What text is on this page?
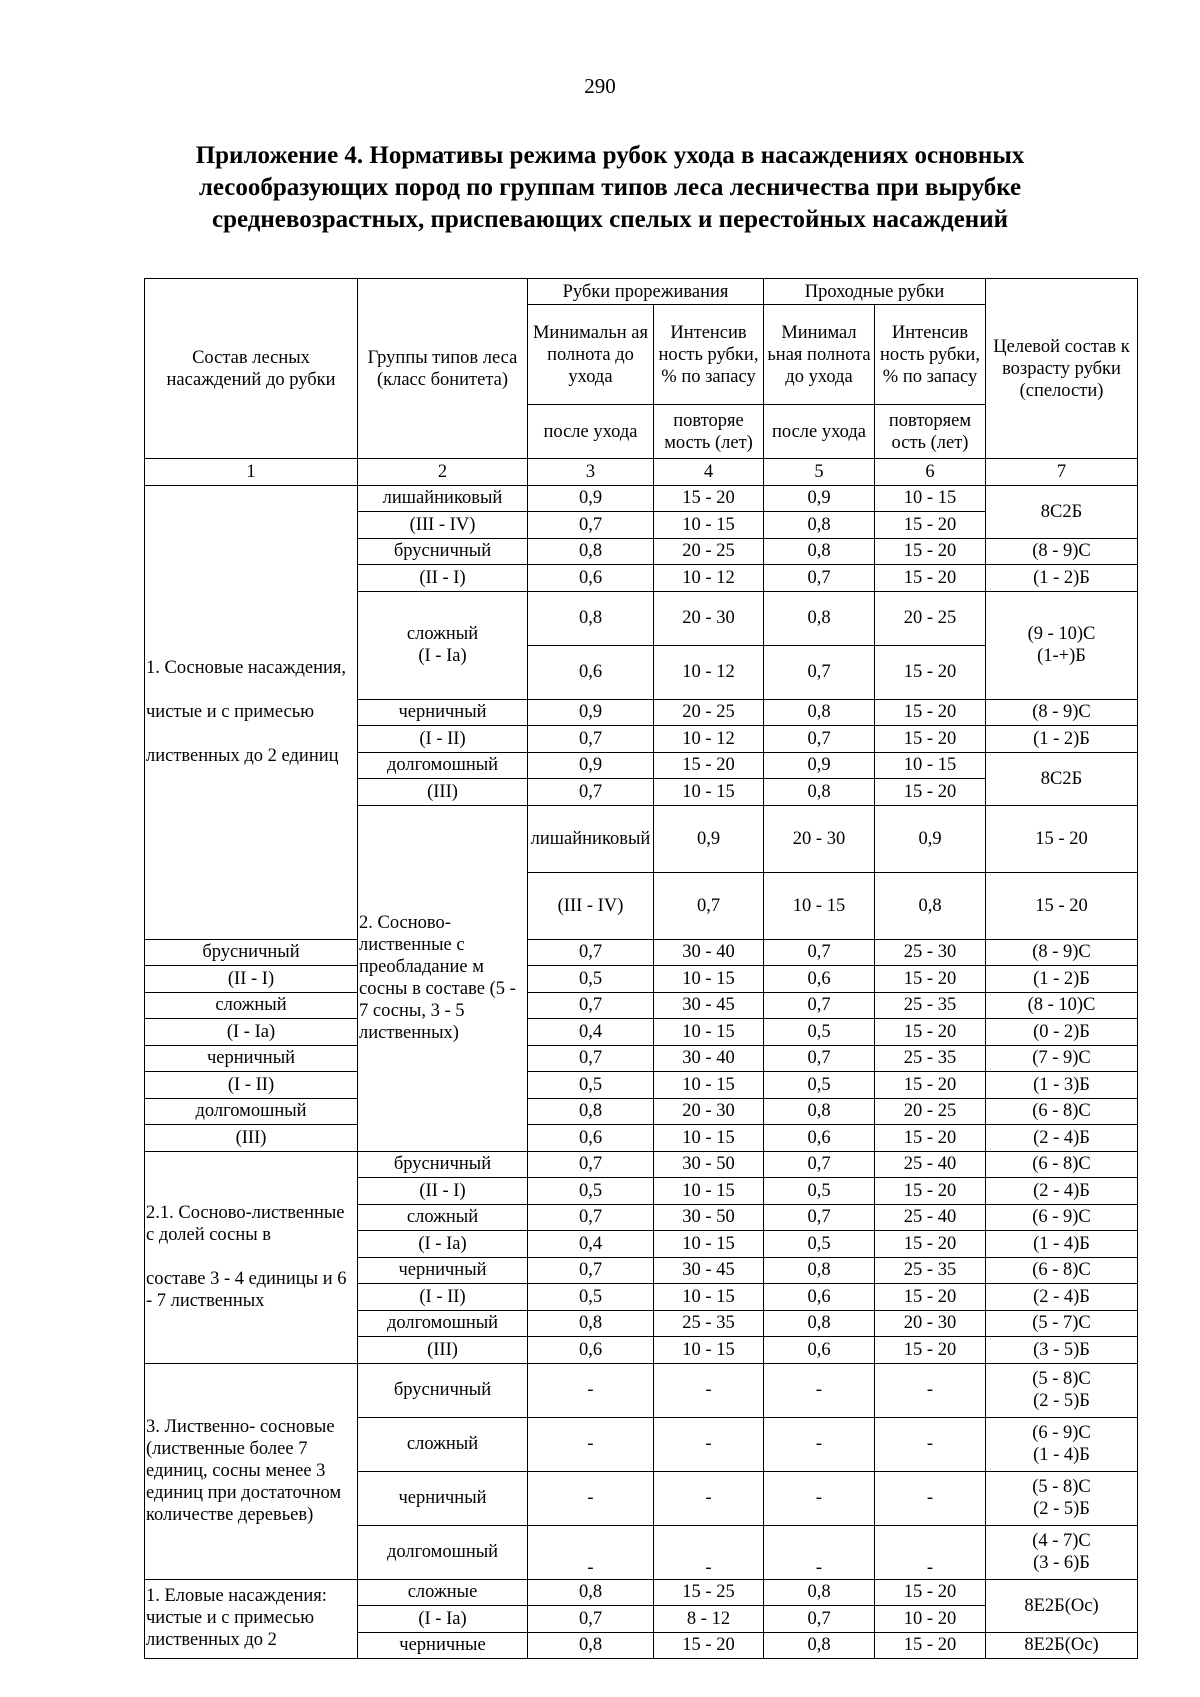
290
Приложение 4. Нормативы режима рубок ухода в насаждениях основных
лесообразующих пород по группам типов леса лесничества при вырубке
средневозрастных, приспевающих спелых и перестойных насаждений
Состав лесных насаждений до рубки	Группы типов леса (класс бонитета)	Рубки прореживания		Проходные рубки		Целевой состав к возрасту рубки (спелости)	
		Минимальн ая полнота до ухода	Интенсив ность рубки, % по запасу	Минимал ьная полнота до ухода	Интенсив ность рубки, % по запасу		
		после ухода	повторяе мость (лет)	после ухода	повторяем ость (лет)		
1	2	3	4	5	6	7	
1. Сосновые насаждения,

чистые и с примесью

лиственных до 2 единиц	лишайниковый	0,9	15 - 20	0,9	10 - 15	8С2Б	
	(III - IV)	0,7	10 - 15	0,8	15 - 20		
	брусничный	0,8	20 - 25	0,8	15 - 20	(8 - 9)С	
	(II - I)	0,6	10 - 12	0,7	15 - 20	(1 - 2)Б	
	сложный
(I - Ia)	0,8	20 - 30	0,8	20 - 25	(9 - 10)С
(1-+)Б	
		0,6	10 - 12	0,7	15 - 20		
	черничный	0,9	20 - 25	0,8	15 - 20	(8 - 9)С	
	(I - II)	0,7	10 - 12	0,7	15 - 20	(1 - 2)Б	
	долгомошный	0,9	15 - 20	0,9	10 - 15	8С2Б	
	(III)	0,7	10 - 15	0,8	15 - 20		
	2. Сосново-лиственные с преобладание м сосны в составе (5 - 7 сосны, 3 - 5 лиственных)	лишайниковый	0,9	20 - 30	0,9	15 - 20	
		(III - IV)	0,7	10 - 15	0,8	15 - 20	
брусничный		0,7	30 - 40	0,7	25 - 30	(8 - 9)С	
(II - I)		0,5	10 - 15	0,6	15 - 20	(1 - 2)Б	
сложный		0,7	30 - 45	0,7	25 - 35	(8 - 10)С	
(I - Ia)		0,4	10 - 15	0,5	15 - 20	(0 - 2)Б	
черничный		0,7	30 - 40	0,7	25 - 35	(7 - 9)С	
(I - II)		0,5	10 - 15	0,5	15 - 20	(1 - 3)Б	
долгомошный		0,8	20 - 30	0,8	20 - 25	(6 - 8)С	
(III)		0,6	10 - 15	0,6	15 - 20	(2 - 4)Б	
2.1. Сосново-лиственные с долей сосны в

составе 3 - 4 единицы и 6 - 7 лиственных	брусничный	0,7	30 - 50	0,7	25 - 40	(6 - 8)С	
	(II - I)	0,5	10 - 15	0,5	15 - 20	(2 - 4)Б	
	сложный	0,7	30 - 50	0,7	25 - 40	(6 - 9)С	
	(I - Ia)	0,4	10 - 15	0,5	15 - 20	(1 - 4)Б	
	черничный	0,7	30 - 45	0,8	25 - 35	(6 - 8)С	
	(I - II)	0,5	10 - 15	0,6	15 - 20	(2 - 4)Б	
	долгомошный	0,8	25 - 35	0,8	20 - 30	(5 - 7)С	
	(III)	0,6	10 - 15	0,6	15 - 20	(3 - 5)Б	
3. Лиственно- сосновые (лиственные более 7 единиц, сосны менее 3 единиц при достаточном количестве деревьев)	брусничный	-	-	-	-	(5 - 8)С
(2 - 5)Б	
	сложный	-	-	-	-	(6 - 9)С
(1 - 4)Б	
	черничный	-	-	-	-	(5 - 8)С
(2 - 5)Б	
	долгомошный	-	-	-	-	(4 - 7)С
(3 - 6)Б	
1. Еловые насаждения: чистые и с примесью лиственных до 2	сложные	0,8	15 - 25	0,8	15 - 20	8Е2Б(Ос)	
	(I - Ia)	0,7	8 - 12	0,7	10 - 20		
	черничные	0,8	15 - 20	0,8	15 - 20	8Е2Б(Ос)	
